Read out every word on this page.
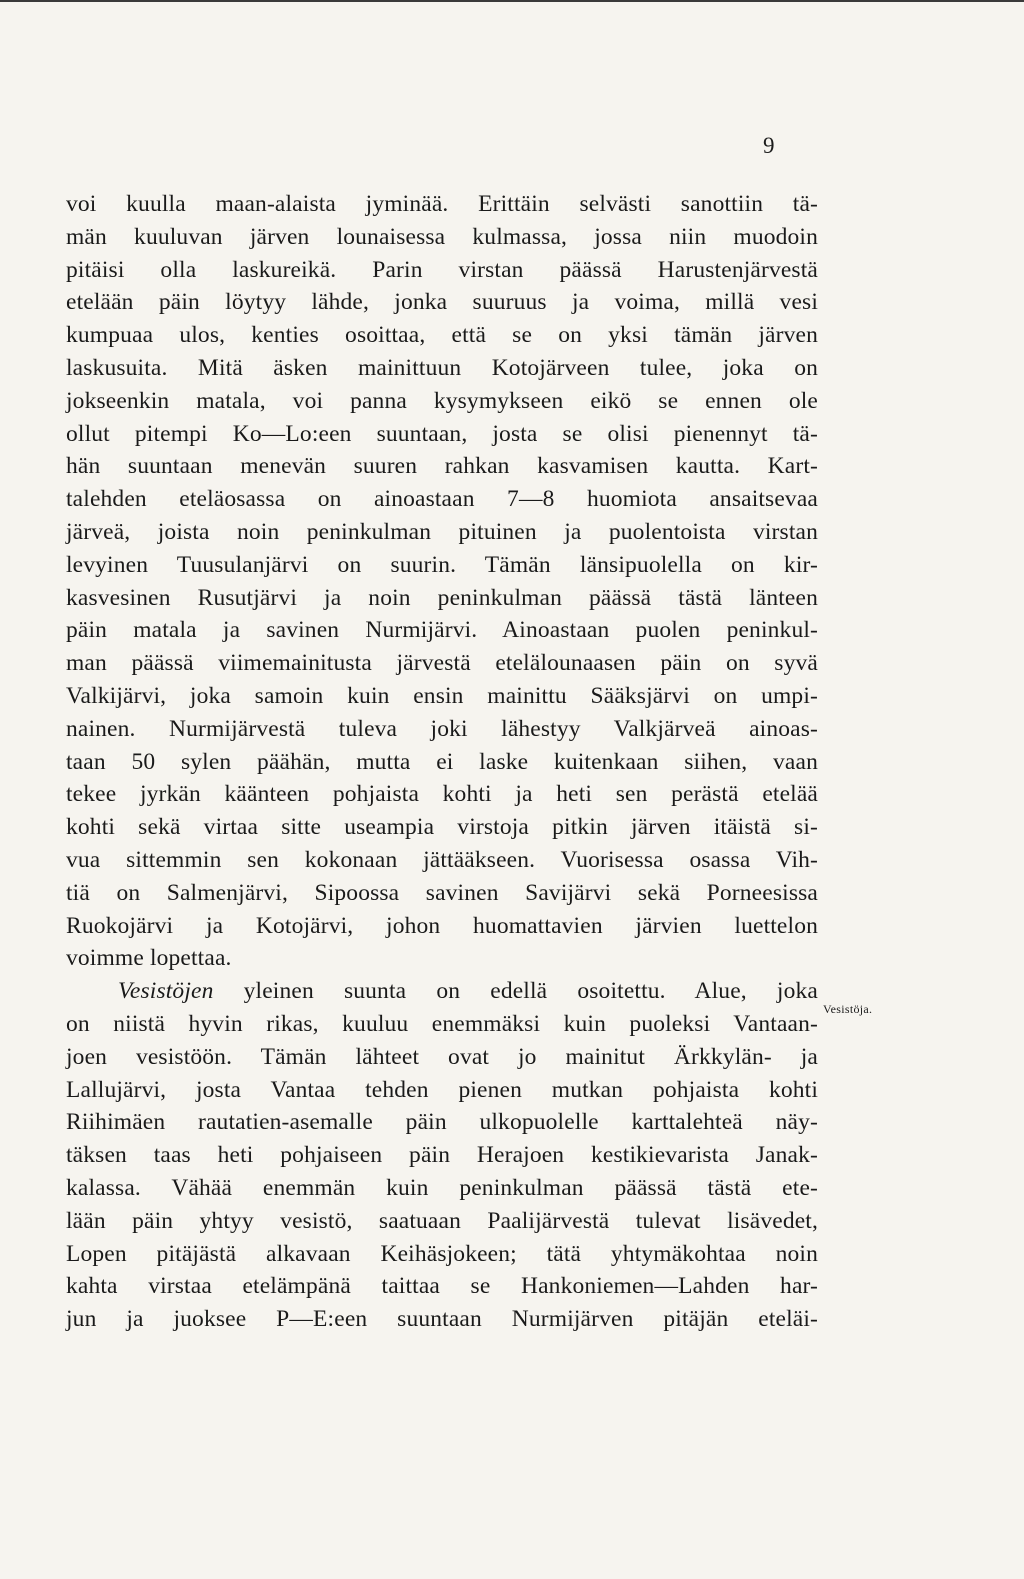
9
voi kuulla maan-alaista jyminää. Erittäin selvästi sanottiin tä-
män kuuluvan järven lounaisessa kulmassa, jossa niin muodoin
pitäisi olla laskureikä. Parin virstan päässä Harustenjärvestä
etelään päin löytyy lähde, jonka suuruus ja voima, millä vesi
kumpuaa ulos, kenties osoittaa, että se on yksi tämän järven
laskusuita. Mitä äsken mainittuun Kotojärveen tulee, joka on
jokseenkin matala, voi panna kysymykseen eikö se ennen ole
ollut pitempi Ko—Lo:een suuntaan, josta se olisi pienennyt tä-
hän suuntaan menevän suuren rahkan kasvamisen kautta. Kart-
talehden eteläosassa on ainoastaan 7—8 huomiota ansaitsevaa
järveä, joista noin peninkulman pituinen ja puolentoista virstan
levyinen Tuusulanjärvi on suurin. Tämän länsipuolella on kir-
kasvesinen Rusutjärvi ja noin peninkulman päässä tästä länteen
päin matala ja savinen Nurmijärvi. Ainoastaan puolen peninkul-
man päässä viimemainitusta järvestä etelälounaasen päin on syvä
Valkijärvi, joka samoin kuin ensin mainittu Sääksjärvi on umpi-
nainen. Nurmijärvestä tuleva joki lähestyy Valkjärveä ainoas-
taan 50 sylen päähän, mutta ei laske kuitenkaan siihen, vaan
tekee jyrkän käänteen pohjaista kohti ja heti sen perästä etelää
kohti sekä virtaa sitte useampia virstoja pitkin järven itäistä si-
vua sittemmin sen kokonaan jättääkseen. Vuorisessa osassa Vih-
tiä on Salmenjärvi, Sipoossa savinen Savijärvi sekä Porneesissa
Ruokojärvi ja Kotojärvi, johon huomattavien järvien luettelon
voimme lopettaa.
Vesistöjen yleinen suunta on edellä osoitettu. Alue, joka
on niistä hyvin rikas, kuuluu enemmäksi kuin puoleksi Vantaan-
joen vesistöön. Tämän lähteet ovat jo mainitut Ärkkylän- ja
Lallujärvi, josta Vantaa tehden pienen mutkan pohjaista kohti
Riihimäen rautatien-asemalle päin ulkopuolelle karttalehteä näy-
täksen taas heti pohjaiseen päin Herajoen kestikievarista Janak-
kalassa. Vähää enemmän kuin peninkulman päässä tästä ete-
lään päin yhtyy vesistö, saatuaan Paalijärvestä tulevat lisävedet,
Lopen pitäjästä alkavaan Keihäsjokeen; tätä yhtymäkohtaa noin
kahta virstaa etelämpänä taittaa se Hankoniemen—Lahden har-
jun ja juoksee P—E:een suuntaan Nurmijärven pitäjän eteläi-
Vesistöja.
